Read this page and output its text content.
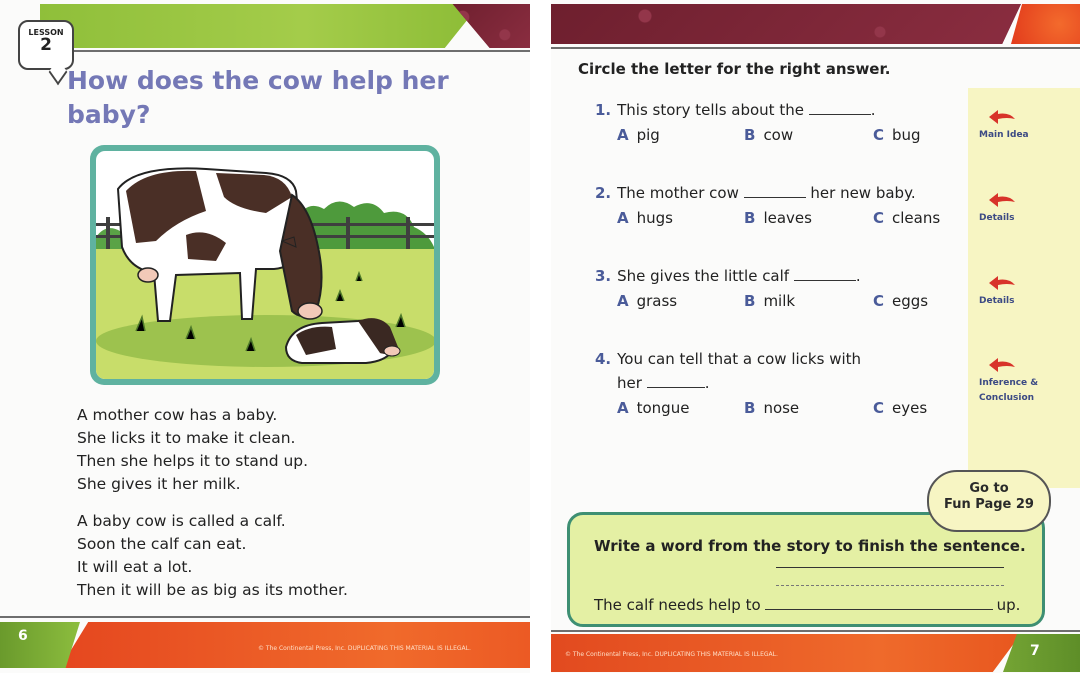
LESSON
2
How does the cow help her baby?

A mother cow has a baby.

She licks it to make it clean.

Then she helps it to stand up.

She gives it her milk.

A baby cow is called a calf.

Soon the calf can eat.

It will eat a lot.

Then it will be as big as its mother.

6
© The Continental Press, Inc. DUPLICATING THIS MATERIAL IS ILLEGAL.

Circle the letter for the right answer.

Main Idea
Details
Details
Inference &
Conclusion

1. This story tells about the	.

A pig	B cow	C bug

2. The mother cow	her new baby.

A hugs	B leaves	C cleans

3. She gives the little calf	.

A grass	B milk	C eggs

4. You can tell that a cow licks with

her	.

A tongue	B nose	C eyes

Write a word from the story to finish the sentence.

The calf needs help to	up.

Go to
Fun Page 29
© The Continental Press, Inc. DUPLICATING THIS MATERIAL IS ILLEGAL.	7
